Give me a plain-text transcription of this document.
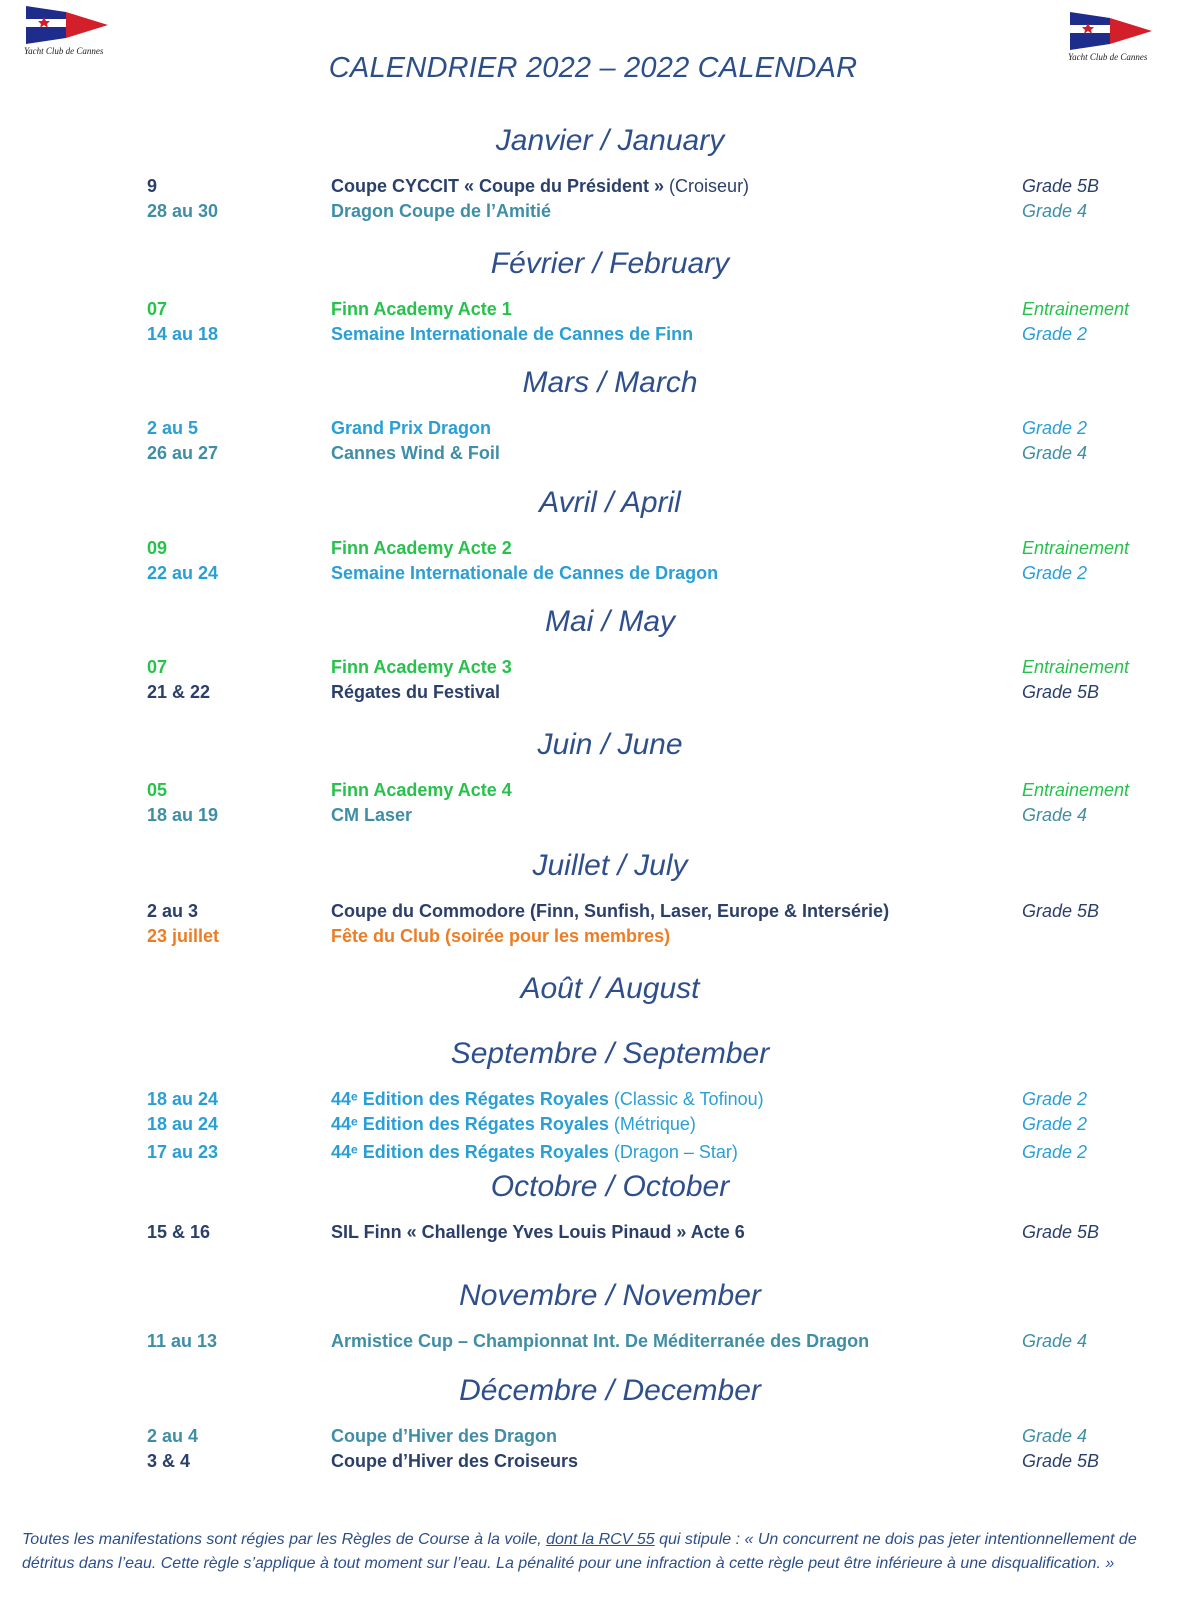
Yacht Club de Cannes
Yacht Club de Cannes
CALENDRIER 2022 – 2022 CALENDAR
Janvier / January
9	Coupe CYCCIT « Coupe du Président » (Croiseur)	Grade 5B
28 au 30	Dragon Coupe de l’Amitié	Grade 4
Février / February
07	Finn Academy Acte 1	Entrainement
14 au 18	Semaine Internationale de Cannes de Finn	Grade 2
Mars / March
2 au 5	Grand Prix Dragon	Grade 2
26 au 27	Cannes Wind & Foil	Grade 4
Avril / April
09	Finn Academy Acte 2	Entrainement
22 au 24	Semaine Internationale de Cannes de Dragon	Grade 2
Mai / May
07	Finn Academy Acte 3	Entrainement
21 & 22	Régates du Festival	Grade 5B
Juin / June
05	Finn Academy Acte 4	Entrainement
18 au 19	CM Laser	Grade 4
Juillet / July
2 au 3	Coupe du Commodore (Finn, Sunfish, Laser, Europe & Intersérie)	Grade 5B
23 juillet	Fête du Club (soirée pour les membres)
Août / August
Septembre / September
18 au 24	44ᵉ Edition des Régates Royales (Classic & Tofinou)	Grade 2
18 au 24	44ᵉ Edition des Régates Royales (Métrique)	Grade 2
17 au 23	44ᵉ Edition des Régates Royales (Dragon – Star)	Grade 2
Octobre / October
15 & 16	SIL Finn « Challenge Yves Louis Pinaud » Acte 6	Grade 5B
Novembre / November
11 au 13	Armistice Cup – Championnat Int. De Méditerranée des Dragon	Grade 4
Décembre / December
2 au 4	Coupe d’Hiver des Dragon	Grade 4
3 & 4	Coupe d’Hiver des Croiseurs	Grade 5B
Toutes les manifestations sont régies par les Règles de Course à la voile, dont la RCV 55 qui stipule : « Un concurrent ne dois pas jeter intentionnellement de détritus dans l’eau. Cette règle s’applique à tout moment sur l’eau. La pénalité pour une infraction à cette règle peut être inférieure à une disqualification. »
